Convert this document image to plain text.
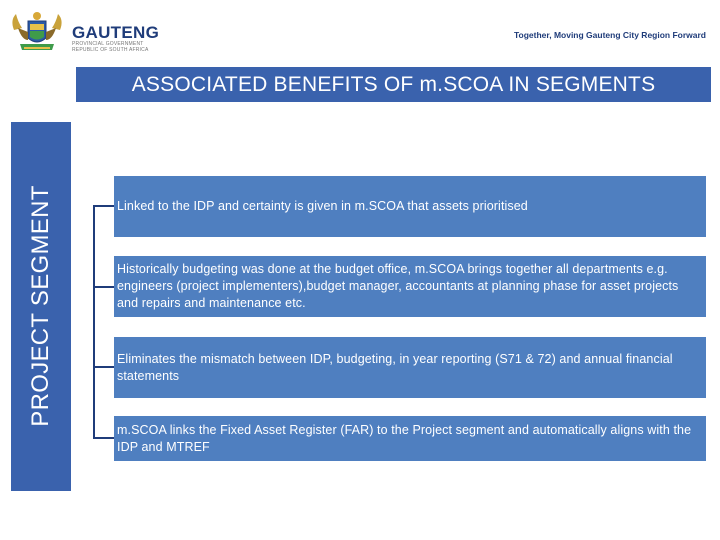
GAUTENG
PROVINCIAL GOVERNMENT
REPUBLIC OF SOUTH AFRICA
Together, Moving Gauteng City Region Forward
ASSOCIATED BENEFITS OF m.SCOA IN SEGMENTS
PROJECT SEGMENT	Linked to the IDP and certainty is given in m.SCOA that assets prioritised
Historically budgeting was done at the budget office, m.SCOA brings together all departments e.g. engineers (project implementers),budget manager, accountants at planning phase for asset projects and repairs and maintenance etc.
Eliminates the mismatch between IDP, budgeting, in year reporting (S71 & 72) and annual financial statements
m.SCOA links the Fixed Asset Register (FAR) to the Project segment and automatically aligns with the IDP and MTREF
